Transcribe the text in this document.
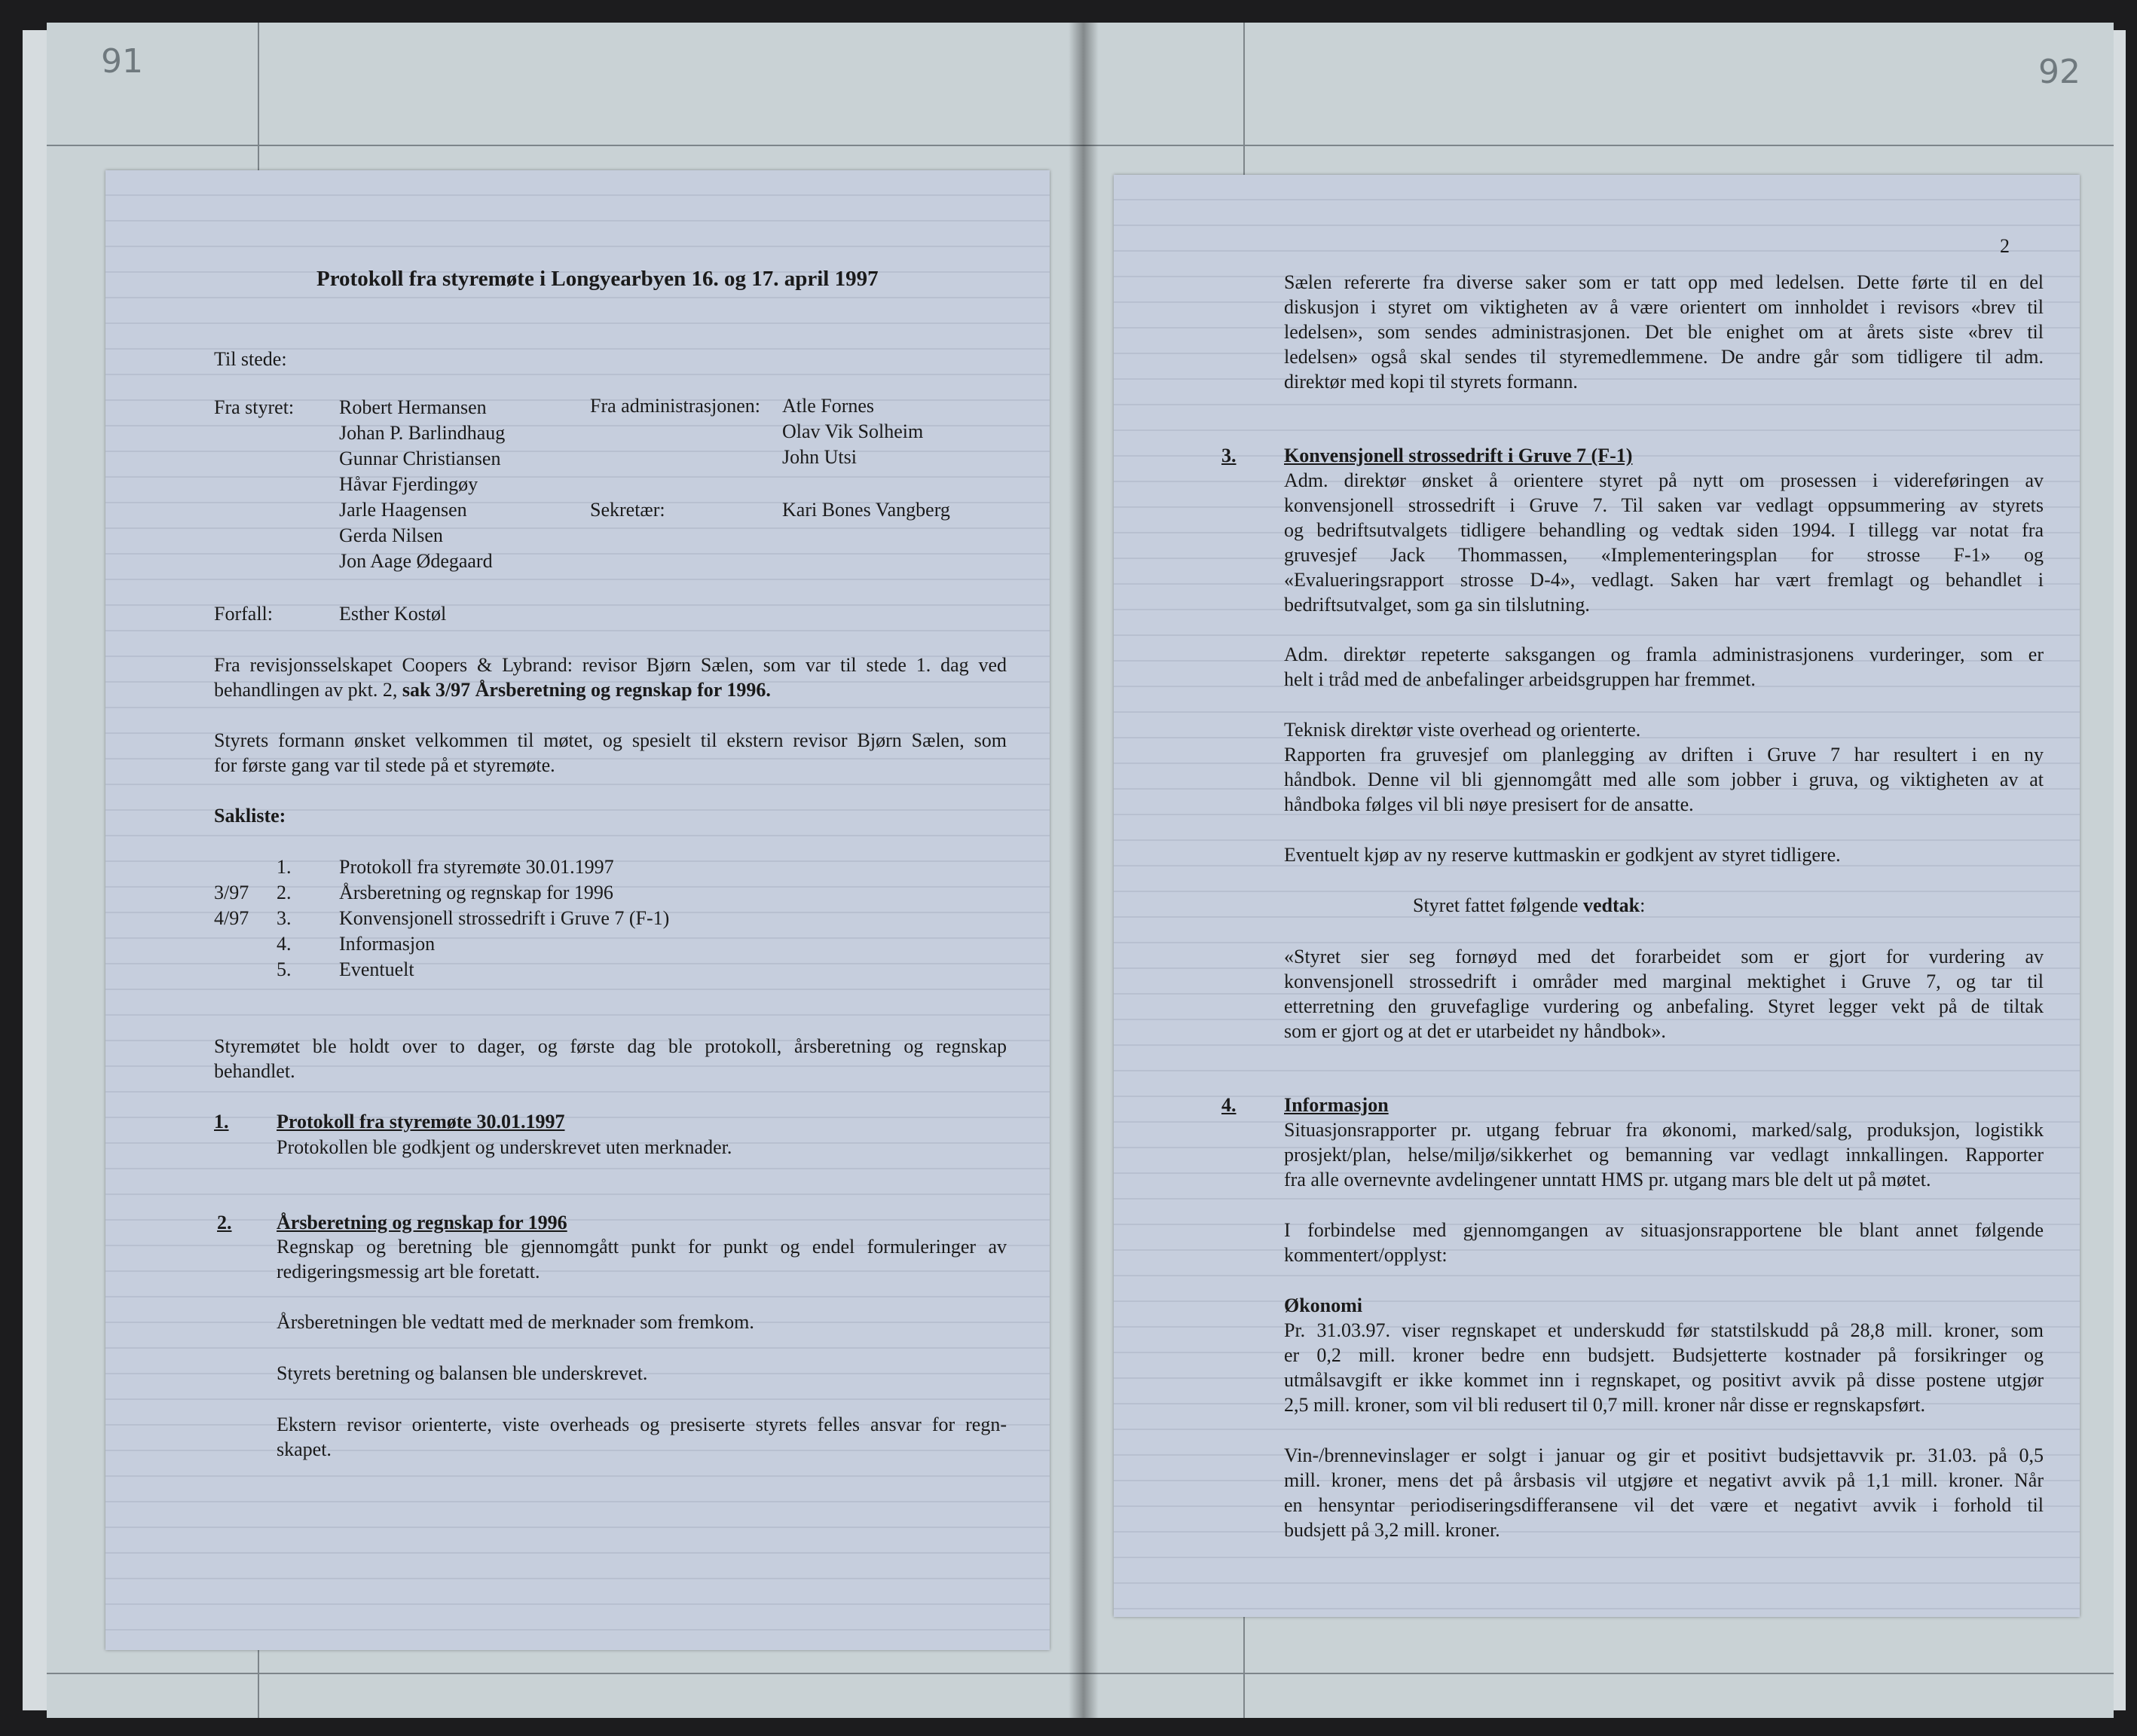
91	92
Protokoll fra styremøte i Longyearbyen 16. og 17. april 1997
Til stede:
Fra styret: Robert Hermansen
Johan P. Barlindhaug
Gunnar Christiansen
Håvar Fjerdingøy
Jarle Haagensen
Gerda Nilsen
Jon Aage Ødegaard
Fra administrasjonen: Atle Fornes
Olav Vik Solheim
John Utsi
Sekretær:	Kari Bones Vangberg
Forfall:	Esther Kostøl
Fra revisjonsselskapet Coopers & Lybrand: revisor Bjørn Sælen, som var til stede 1. dag ved
behandlingen av pkt. 2, sak 3/97 Årsberetning og regnskap for 1996.
Styrets formann ønsket velkommen til møtet, og spesielt til ekstern revisor Bjørn Sælen, som
for første gang var til stede på et styremøte.
Sakliste:
1. Protokoll fra styremøte 30.01.1997
3/97 2. Årsberetning og regnskap for 1996
4/97 3. Konvensjonell strossedrift i Gruve 7 (F-1)
4. Informasjon
5. Eventuelt
Styremøtet ble holdt over to dager, og første dag ble protokoll, årsberetning og regnskap
behandlet.
1. Protokoll fra styremøte 30.01.1997
Protokollen ble godkjent og underskrevet uten merknader.
2. Årsberetning og regnskap for 1996
Regnskap og beretning ble gjennomgått punkt for punkt og endel formuleringer av
redigeringsmessig art ble foretatt.
Årsberetningen ble vedtatt med de merknader som fremkom.
Styrets beretning og balansen ble underskrevet.
Ekstern revisor orienterte, viste overheads og presiserte styrets felles ansvar for regn-
skapet.
2
Sælen refererte fra diverse saker som er tatt opp med ledelsen. Dette førte til en del
diskusjon i styret om viktigheten av å være orientert om innholdet i revisors «brev til
ledelsen», som sendes administrasjonen. Det ble enighet om at årets siste «brev til
ledelsen» også skal sendes til styremedlemmene. De andre går som tidligere til adm.
direktør med kopi til styrets formann.
3. Konvensjonell strossedrift i Gruve 7 (F-1)
Adm. direktør ønsket å orientere styret på nytt om prosessen i videreføringen av
konvensjonell strossedrift i Gruve 7. Til saken var vedlagt oppsummering av styrets
og bedriftsutvalgets tidligere behandling og vedtak siden 1994. I tillegg var notat fra
gruvesjef Jack Thommassen, «Implementeringsplan for strosse F-1» og
«Evalueringsrapport strosse D-4», vedlagt. Saken har vært fremlagt og behandlet i
bedriftsutvalget, som ga sin tilslutning.
Adm. direktør repeterte saksgangen og framla administrasjonens vurderinger, som er
helt i tråd med de anbefalinger arbeidsgruppen har fremmet.
Teknisk direktør viste overhead og orienterte.
Rapporten fra gruvesjef om planlegging av driften i Gruve 7 har resultert i en ny
håndbok. Denne vil bli gjennomgått med alle som jobber i gruva, og viktigheten av at
håndboka følges vil bli nøye presisert for de ansatte.
Eventuelt kjøp av ny reserve kuttmaskin er godkjent av styret tidligere.
Styret fattet følgende vedtak:
«Styret sier seg fornøyd med det forarbeidet som er gjort for vurdering av
konvensjonell strossedrift i områder med marginal mektighet i Gruve 7, og tar til
etterretning den gruvefaglige vurdering og anbefaling. Styret legger vekt på de tiltak
som er gjort og at det er utarbeidet ny håndbok».
4. Informasjon
Situasjonsrapporter pr. utgang februar fra økonomi, marked/salg, produksjon, logistikk
prosjekt/plan, helse/miljø/sikkerhet og bemanning var vedlagt innkallingen. Rapporter
fra alle overnevnte avdelingener unntatt HMS pr. utgang mars ble delt ut på møtet.
I forbindelse med gjennomgangen av situasjonsrapportene ble blant annet følgende
kommentert/opplyst:
Økonomi
Pr. 31.03.97. viser regnskapet et underskudd før statstilskudd på 28,8 mill. kroner, som
er 0,2 mill. kroner bedre enn budsjett. Budsjetterte kostnader på forsikringer og
utmålsavgift er ikke kommet inn i regnskapet, og positivt avvik på disse postene utgjør
2,5 mill. kroner, som vil bli redusert til 0,7 mill. kroner når disse er regnskapsført.
Vin-/brennevinslager er solgt i januar og gir et positivt budsjettavvik pr. 31.03. på 0,5
mill. kroner, mens det på årsbasis vil utgjøre et negativt avvik på 1,1 mill. kroner. Når
en hensyntar periodiseringsdifferansene vil det være et negativt avvik i forhold til
budsjett på 3,2 mill. kroner.
